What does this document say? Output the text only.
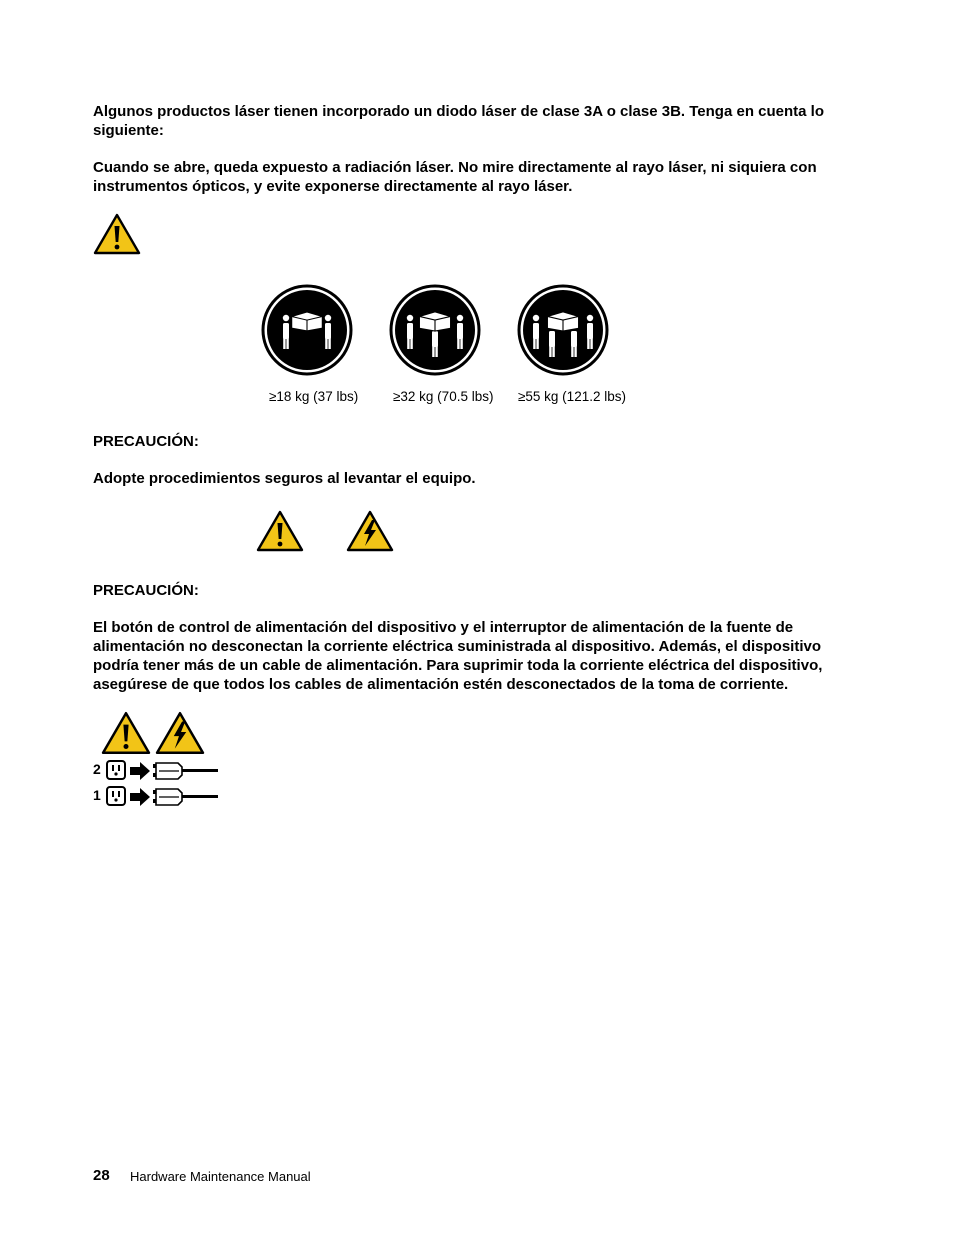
Algunos productos láser tienen incorporado un diodo láser de clase 3A o clase 3B. Tenga en cuenta lo siguiente:

Cuando se abre, queda expuesto a radiación láser. No mire directamente al rayo láser, ni siquiera con instrumentos ópticos, y evite exponerse directamente al rayo láser.

≥18 kg (37 lbs)	≥32 kg (70.5 lbs) ≥55 kg (121.2 lbs)

PRECAUCIÓN:

Adopte procedimientos seguros al levantar el equipo.

PRECAUCIÓN:

El botón de control de alimentación del dispositivo y el interruptor de alimentación de la fuente de alimentación no desconectan la corriente eléctrica suministrada al dispositivo. Además, el dispositivo podría tener más de un cable de alimentación. Para suprimir toda la corriente eléctrica del dispositivo, asegúrese de que todos los cables de alimentación estén desconectados de la toma de corriente.

2
1
28 Hardware Maintenance Manual
